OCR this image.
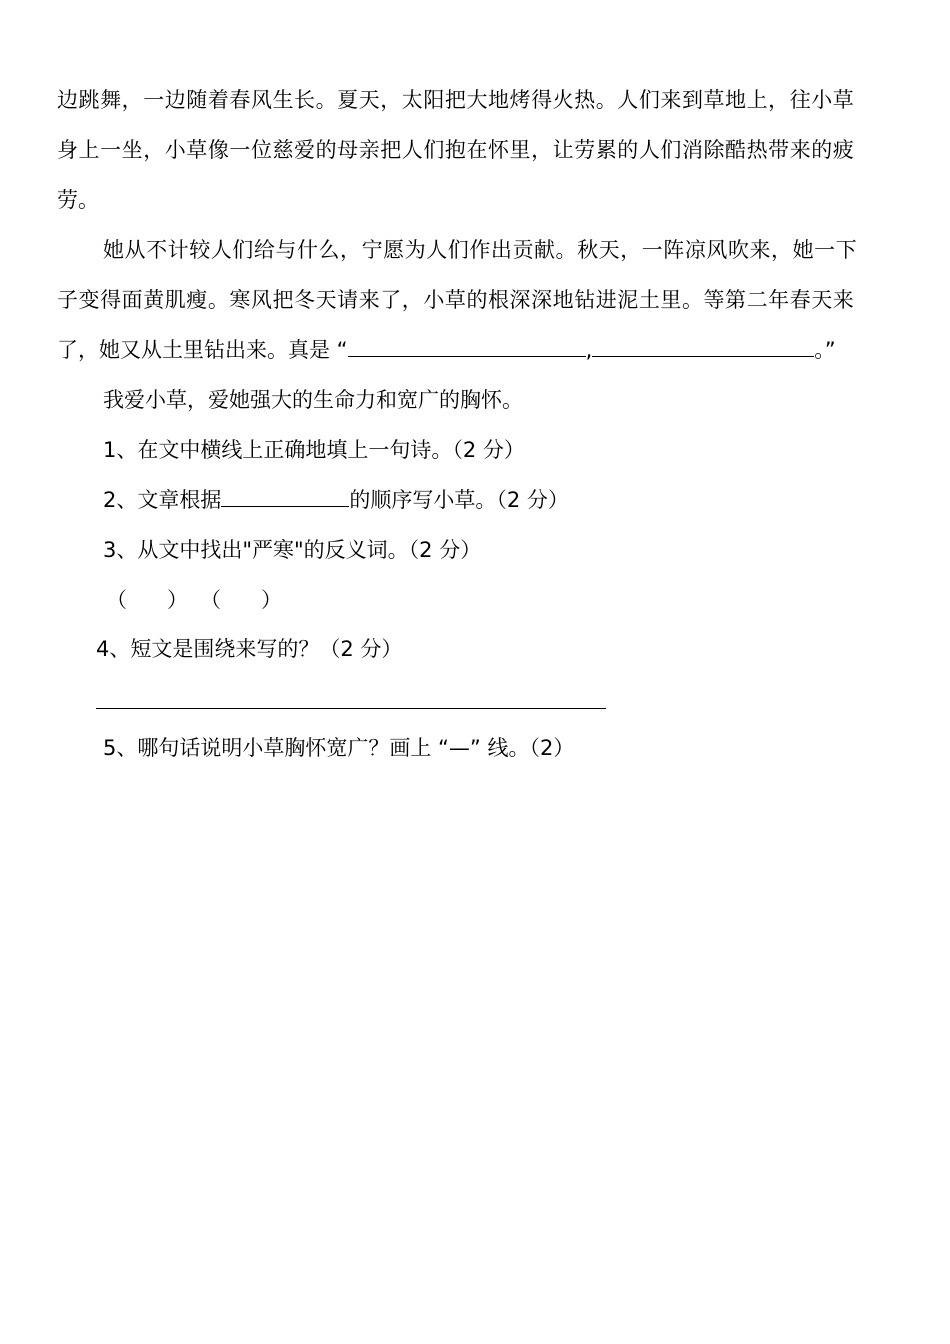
边跳舞，一边随着春风生长。夏天，太阳把大地烤得火热。人们来到草地上，往小草
身上一坐，小草像一位慈爱的母亲把人们抱在怀里，让劳累的人们消除酷热带来的疲
劳。
她从不计较人们给与什么，宁愿为人们作出贡献。秋天，一阵凉风吹来，她一下
子变得面黄肌瘦。寒风把冬天请来了，小草的根深深地钻进泥土里。等第二年春天来
了，她又从土里钻出来。真是 “	,	。”
我爱小草，爱她强大的生命力和宽广的胸怀。
1、在文中横线上正确地填上一句诗。（2 分）
2、文章根据	的顺序写小草。（2 分）
3、从文中找出"严寒"的反义词。（2 分）
（ ） （ ）
4、短文是围绕来写的？（2 分）
5、哪句话说明小草胸怀宽广？画上 “—” 线。（2）
